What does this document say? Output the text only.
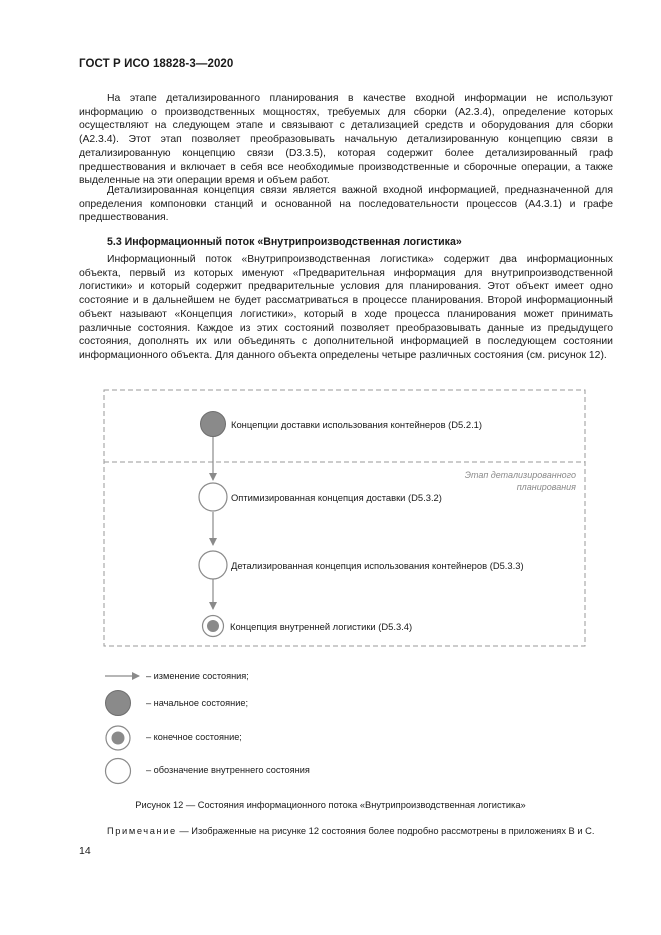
ГОСТ Р ИСО 18828-3—2020

На этапе детализированного планирования в качестве входной информации не используют информацию о производственных мощностях, требуемых для сборки (A2.3.4), определение которых осуществляют на следующем этапе и связывают с детализацией средств и оборудования для сборки (A2.3.4). Этот этап позволяет преобразовывать начальную детализированную концепцию связи в детализированную концепцию связи (D3.3.5), которая содержит более детализированный граф предшествования и включает в себя все необходимые производственные и сборочные операции, а также выделенные на эти операции время и объем работ.

Детализированная концепция связи является важной входной информацией, предназначенной для определения компоновки станций и основанной на последовательности процессов (A4.3.1) и графе предшествования.

5.3 Информационный поток «Внутрипроизводственная логистика»

Информационный поток «Внутрипроизводственная логистика» содержит два информационных объекта, первый из которых именуют «Предварительная информация для внутрипроизводственной логистики» и который содержит предварительные условия для планирования. Этот объект имеет одно состояние и в дальнейшем не будет рассматриваться в процессе планирования. Второй информационный объект называют «Концепция логистики», который в ходе процесса планирования может принимать различные состояния. Каждое из этих состояний позволяет преобразовывать данные из предыдущего состояния, дополнять их или объединять с дополнительной информацией в последующем состоянии информационного объекта. Для данного объекта определены четыре различных состояния (см. рисунок 12).

Этап детализированного
планирования
Концепции доставки использования контейнеров (D5.2.1)
Оптимизированная концепция доставки (D5.3.2)
Детализированная концепция использования контейнеров (D5.3.3)
Концепция внутренней логистики (D5.3.4)
– изменение состояния;
– начальное состояние;
– конечное состояние;
– обозначение внутреннего состояния
Рисунок 12 — Состояния информационного потока «Внутрипроизводственная логистика»
Примечание — Изображенные на рисунке 12 состояния более подробно рассмотрены в приложениях В и С.
14
